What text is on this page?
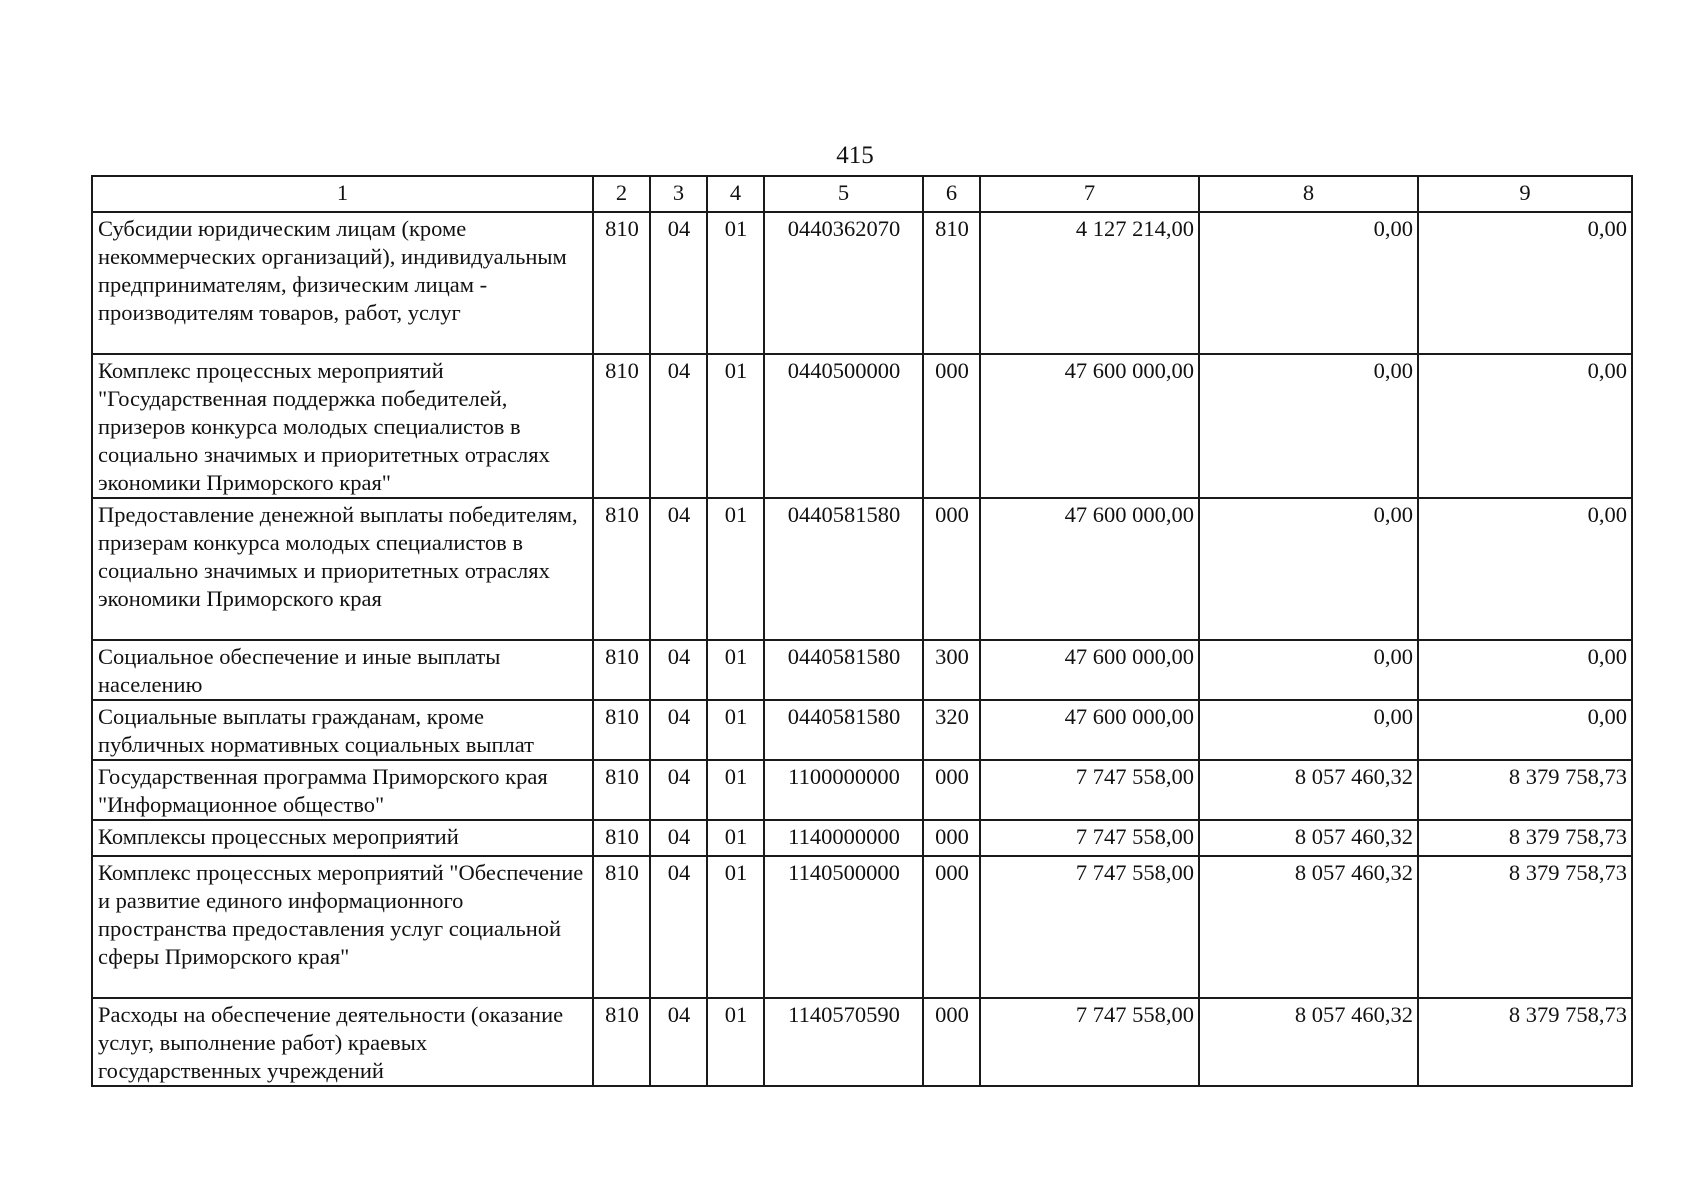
415
1	2	3	4	5	6	7	8	9
Субсидии юридическим лицам (кроме некоммерческих организаций), индивидуальным предпринимателям, физическим лицам - производителям товаров, работ, услуг	810	04	01	0440362070	810	4 127 214,00	0,00	0,00
Комплекс процессных мероприятий "Государственная поддержка победителей, призеров конкурса молодых специалистов в социально значимых и приоритетных отраслях экономики Приморского края"	810	04	01	0440500000	000	47 600 000,00	0,00	0,00
Предоставление денежной выплаты победителям, призерам конкурса молодых специалистов в социально значимых и приоритетных отраслях экономики Приморского края	810	04	01	0440581580	000	47 600 000,00	0,00	0,00
Социальное обеспечение и иные выплаты населению	810	04	01	0440581580	300	47 600 000,00	0,00	0,00
Социальные выплаты гражданам, кроме публичных нормативных социальных выплат	810	04	01	0440581580	320	47 600 000,00	0,00	0,00
Государственная программа Приморского края "Информационное общество"	810	04	01	1100000000	000	7 747 558,00	8 057 460,32	8 379 758,73
Комплексы процессных мероприятий	810	04	01	1140000000	000	7 747 558,00	8 057 460,32	8 379 758,73
Комплекс процессных мероприятий "Обеспечение и развитие единого информационного пространства предоставления услуг социальной сферы Приморского края"	810	04	01	1140500000	000	7 747 558,00	8 057 460,32	8 379 758,73
Расходы на обеспечение деятельности (оказание услуг, выполнение работ) краевых государственных учреждений	810	04	01	1140570590	000	7 747 558,00	8 057 460,32	8 379 758,73
